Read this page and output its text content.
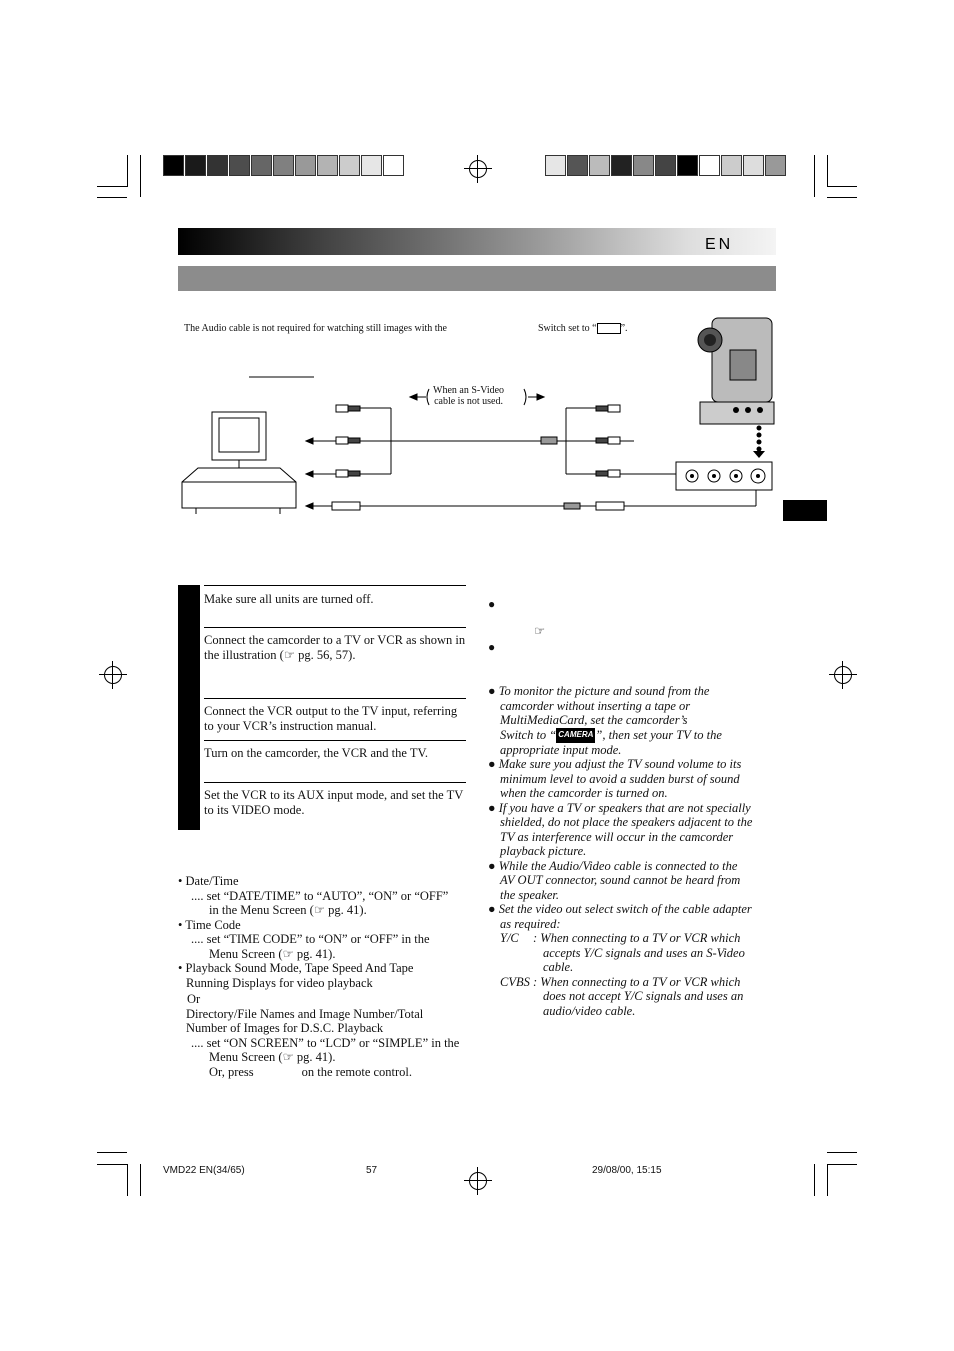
EN
The Audio cable is not required for watching still images with the	Switch set to “ ”.
When an S-Video
cable is not used.
Make sure all units are turned off.
Connect the camcorder to a TV or VCR as shown in the illustration (☞ pg. 56, 57).
Connect the VCR output to the TV input, referring to your VCR’s instruction manual.
Turn on the camcorder, the VCR and the TV.
Set the VCR to its AUX input mode, and set the TV to its VIDEO mode.
• Date/Time
.... set “DATE/TIME” to “AUTO”, “ON” or “OFF”
in the Menu Screen (☞ pg. 41).
• Time Code
.... set “TIME CODE” to “ON” or “OFF” in the
Menu Screen (☞ pg. 41).
• Playback Sound Mode, Tape Speed And Tape
Running Displays for video playback
Or
Directory/File Names and Image Number/Total
Number of Images for D.S.C. Playback
.... set “ON SCREEN” to “LCD” or “SIMPLE” in the
Menu Screen (☞ pg. 41).
Or, press	on the remote control.
●
☞
●
● To monitor the picture and sound from the
camcorder without inserting a tape or
MultiMediaCard, set the camcorder’s
Switch to “ CAMERA ”, then set your TV to the
appropriate input mode.
● Make sure you adjust the TV sound volume to its
minimum level to avoid a sudden burst of sound
when the camcorder is turned on.
● If you have a TV or speakers that are not specially
shielded, do not place the speakers adjacent to the
TV as interference will occur in the camcorder
playback picture.
● While the Audio/Video cable is connected to the
AV OUT connector, sound cannot be heard from
the speaker.
● Set the video out select switch of the cable adapter
as required:
Y/C : When connecting to a TV or VCR which
accepts Y/C signals and uses an S-Video
cable.
CVBS : When connecting to a TV or VCR which
does not accept Y/C signals and uses an
audio/video cable.
VMD22 EN(34/65)	57	29/08/00, 15:15
